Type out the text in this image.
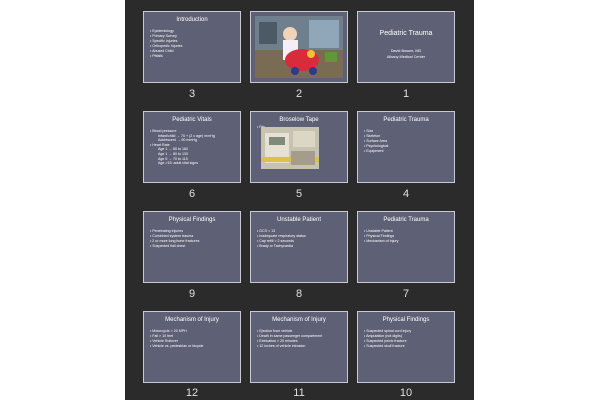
Introduction
• Epidemiology
• Primary Survey
• Specific Injuries
• Orthopedic Injuries
• Abused Child
• Pitfalls
3	2
Pediatric Trauma
David Bosum, MD
Albany Medical Center
1
Pediatric Vitals
• Blood pressure
Infant/child → 70 + (2 x age) mmHg
Adolescent → 90 mmHg
• Heart Rate
Age 1 → 80 to 160
Age 1 → 80 to 130
Age 5 → 70 to 115
Age >15: adult vital signs
6
Broselow Tape
•
5
Pediatric Trauma
• Size
• Skeleton
• Surface Area
• Psychological
• Equipment
4
Physical Findings
• Penetrating injuries
• Combined system trauma
• 2 or more long bone fractures
• Suspected flail chest
9
Unstable Patient
• GCS < 13
• Inadequate respiratory status
• Cap refill > 2 seconds
• Brady or Tachycardia
8
Pediatric Trauma
• Unstable Patient
• Physical Findings
• Mechanism of Injury
7
Mechanism of Injury
• Motorcycle > 20 MPH
• Fall > 10 feet
• Vehicle Rollover
• Vehicle vs. pedestrian or bicycle
12
Mechanism of Injury
• Ejection from vehicle
• Death in same passenger compartment
• Extrication > 20 minutes
• 12 inches of vehicle intrusion
11
Physical Findings
• Suspected spinal cord injury
• Amputation (not digits)
• Suspected pelvic fracture
• Suspected skull fracture
10
